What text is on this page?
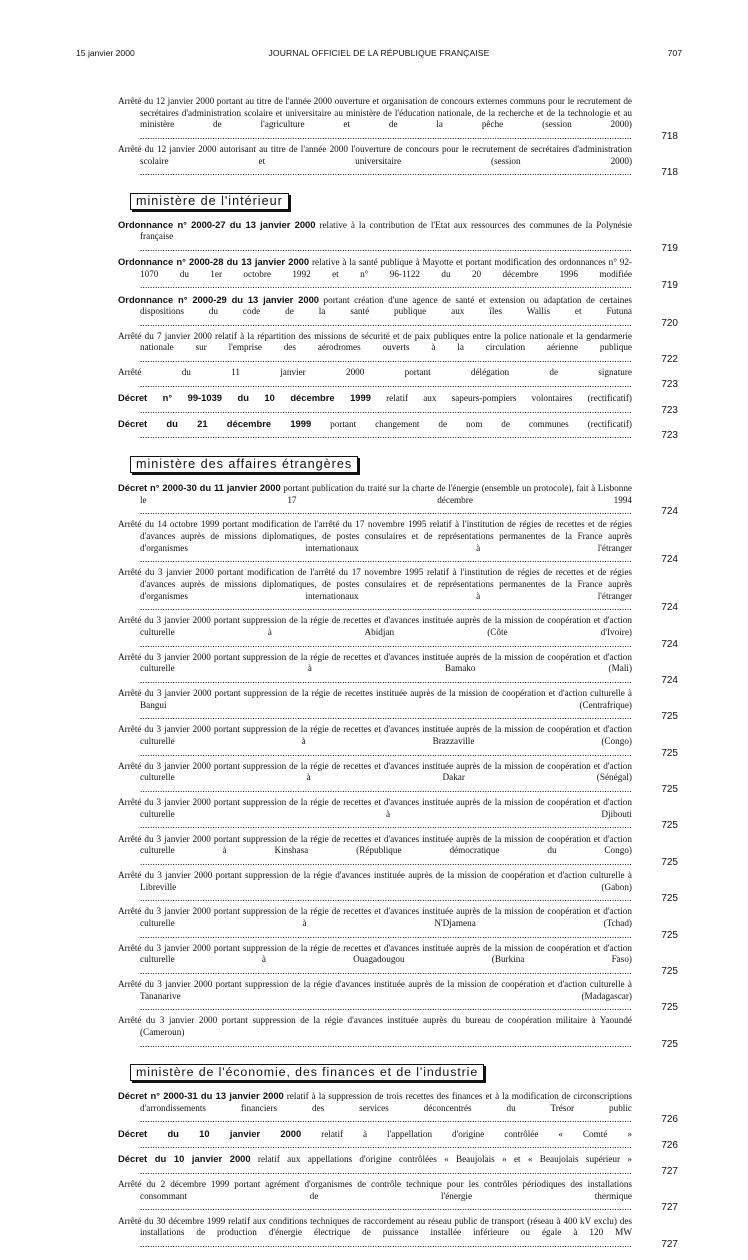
15 janvier 2000	JOURNAL OFFICIEL DE LA RÉPUBLIQUE FRANÇAISE	707
Arrêté du 12 janvier 2000 portant au titre de l'année 2000 ouverture et organisation de concours externes communs pour le recrutement de secrétaires d'administration scolaire et universitaire au ministère de l'éducation nationale, de la recherche et de la technologie et au ministère de l'agriculture et de la pêche (session 2000) .....
718
Arrêté du 12 janvier 2000 autorisant au titre de l'année 2000 l'ouverture de concours pour le recrutement de secrétaires d'administration scolaire et universitaire (session 2000) .....
718
ministère de l'intérieur
Ordonnance n° 2000-27 du 13 janvier 2000 relative à la contribution de l'Etat aux ressources des communes de la Polynésie française .....
719
Ordonnance n° 2000-28 du 13 janvier 2000 relative à la santé publique à Mayotte et portant modification des ordonnances n° 92-1070 du 1er octobre 1992 et n° 96-1122 du 20 décembre 1996 modifiée .....
719
Ordonnance n° 2000-29 du 13 janvier 2000 portant création d'une agence de santé et extension ou adaptation de certaines dispositions du code de la santé publique aux îles Wallis et Futuna .....
720
Arrêté du 7 janvier 2000 relatif à la répartition des missions de sécurité et de paix publiques entre la police nationale et la gendarmerie nationale sur l'emprise des aérodromes ouverts à la circulation aérienne publique .....
722
Arrêté du 11 janvier 2000 portant délégation de signature .....
723
Décret n° 99-1039 du 10 décembre 1999 relatif aux sapeurs-pompiers volontaires (rectificatif) .....
723
Décret du 21 décembre 1999 portant changement de nom de communes (rectificatif) .....
723
ministère des affaires étrangères
Décret n° 2000-30 du 11 janvier 2000 portant publication du traité sur la charte de l'énergie (ensemble un protocole), fait à Lisbonne le 17 décembre 1994 .....
724
Arrêté du 14 octobre 1999 portant modification de l'arrêté du 17 novembre 1995 relatif à l'institution de régies de recettes et de régies d'avances auprès de missions diplomatiques, de postes consulaires et de représentations permanentes de la France auprès d'organismes internationaux à l'étranger .....
724
Arrêté du 3 janvier 2000 portant modification de l'arrêté du 17 novembre 1995 relatif à l'institution de régies de recettes et de régies d'avances auprès de missions diplomatiques, de postes consulaires et de représentations permanentes de la France auprès d'organismes internationaux à l'étranger .....
724
Arrêté du 3 janvier 2000 portant suppression de la régie de recettes et d'avances instituée auprès de la mission de coopération et d'action culturelle à Abidjan (Côte d'Ivoire) .....
724
Arrêté du 3 janvier 2000 portant suppression de la régie de recettes et d'avances instituée auprès de la mission de coopération et d'action culturelle à Bamako (Mali) .....
724
Arrêté du 3 janvier 2000 portant suppression de la régie de recettes instituée auprès de la mission de coopération et d'action culturelle à Bangui (Centrafrique) .....
725
Arrêté du 3 janvier 2000 portant suppression de la régie de recettes et d'avances instituée auprès de la mission de coopération et d'action culturelle à Brazzaville (Congo) .....
725
Arrêté du 3 janvier 2000 portant suppression de la régie de recettes et d'avances instituée auprès de la mission de coopération et d'action culturelle à Dakar (Sénégal) .....
725
Arrêté du 3 janvier 2000 portant suppression de la régie de recettes et d'avances instituée auprès de la mission de coopération et d'action culturelle à Djibouti .....
725
Arrêté du 3 janvier 2000 portant suppression de la régie de recettes et d'avances instituée auprès de la mission de coopération et d'action culturelle à Kinshasa (République démocratique du Congo) .....
725
Arrêté du 3 janvier 2000 portant suppression de la régie d'avances instituée auprès de la mission de coopération et d'action culturelle à Libreville (Gabon) .....
725
Arrêté du 3 janvier 2000 portant suppression de la régie de recettes et d'avances instituée auprès de la mission de coopération et d'action culturelle à N'Djamena (Tchad) .....
725
Arrêté du 3 janvier 2000 portant suppression de la régie de recettes et d'avances instituée auprès de la mission de coopération et d'action culturelle à Ouagadougou (Burkina Faso) .....
725
Arrêté du 3 janvier 2000 portant suppression de la régie d'avances instituée auprès de la mission de coopération et d'action culturelle à Tananarive (Madagascar) .....
725
Arrêté du 3 janvier 2000 portant suppression de la régie d'avances instituée auprès du bureau de coopération militaire à Yaoundé (Cameroun) .....
725
ministère de l'économie, des finances et de l'industrie
Décret n° 2000-31 du 13 janvier 2000 relatif à la suppression de trois recettes des finances et à la modification de circonscriptions d'arrondissements financiers des services déconcentrés du Trésor public .....
726
Décret du 10 janvier 2000 relatif à l'appellation d'origine contrôlée « Comté » .....
726
Décret du 10 janvier 2000 relatif aux appellations d'origine contrôlées « Beaujolais » et « Beaujolais supérieur » .....
727
Arrêté du 2 décembre 1999 portant agrément d'organismes de contrôle technique pour les contrôles périodiques des installations consommant de l'énergie thermique .....
727
Arrêté du 30 décembre 1999 relatif aux conditions techniques de raccordement au réseau public de transport (réseau à 400 kV exclu) des installations de production d'énergie électrique de puissance installée inférieure ou égale à 120 MW .....
727
